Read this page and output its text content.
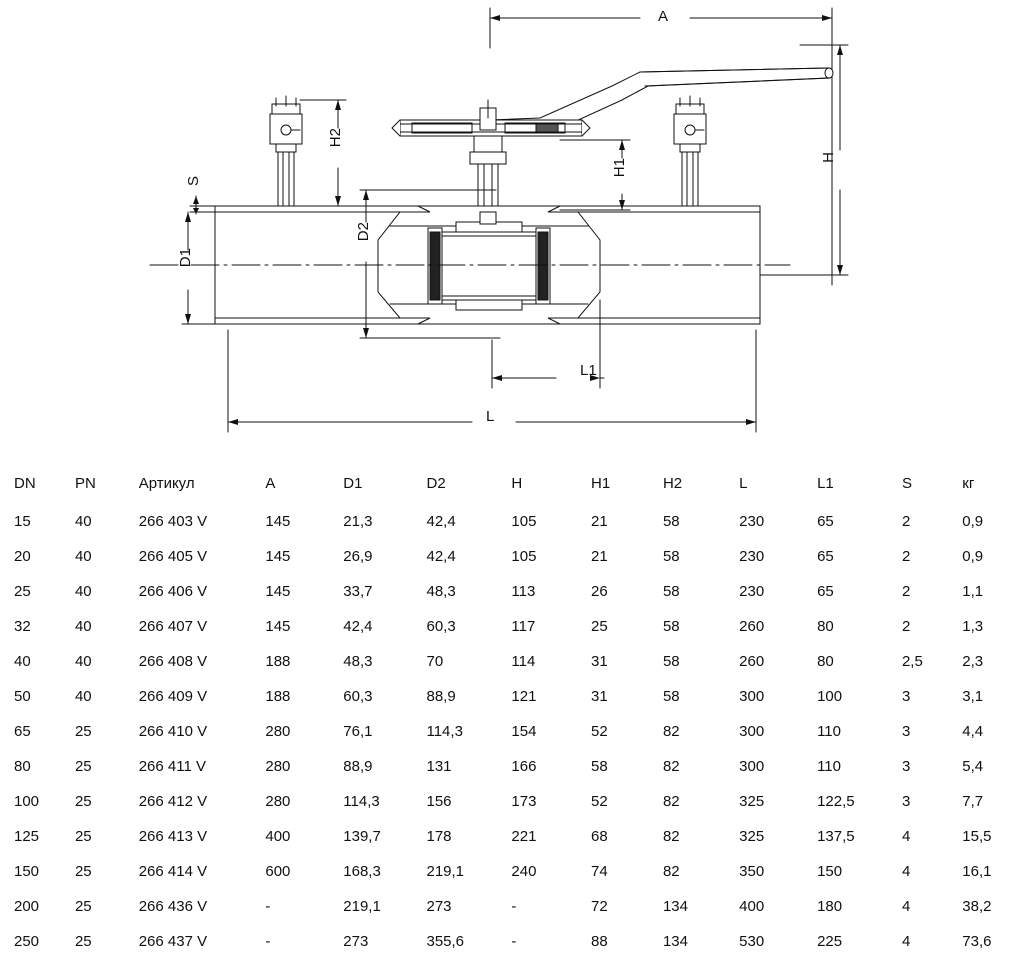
A
H
H1
H2
D1
D2
S
L
L1
DN	PN	Артикул	A	D1	D2	H	H1	H2	L	L1	S	кг
15	40	266 403 V	145	21,3	42,4	105	21	58	230	65	2	0,9
20	40	266 405 V	145	26,9	42,4	105	21	58	230	65	2	0,9
25	40	266 406 V	145	33,7	48,3	113	26	58	230	65	2	1,1
32	40	266 407 V	145	42,4	60,3	117	25	58	260	80	2	1,3
40	40	266 408 V	188	48,3	70	114	31	58	260	80	2,5	2,3
50	40	266 409 V	188	60,3	88,9	121	31	58	300	100	3	3,1
65	25	266 410 V	280	76,1	114,3	154	52	82	300	110	3	4,4
80	25	266 411 V	280	88,9	131	166	58	82	300	110	3	5,4
100	25	266 412 V	280	114,3	156	173	52	82	325	122,5	3	7,7
125	25	266 413 V	400	139,7	178	221	68	82	325	137,5	4	15,5
150	25	266 414 V	600	168,3	219,1	240	74	82	350	150	4	16,1
200	25	266 436 V	-	219,1	273	-	72	134	400	180	4	38,2
250	25	266 437 V	-	273	355,6	-	88	134	530	225	4	73,6
